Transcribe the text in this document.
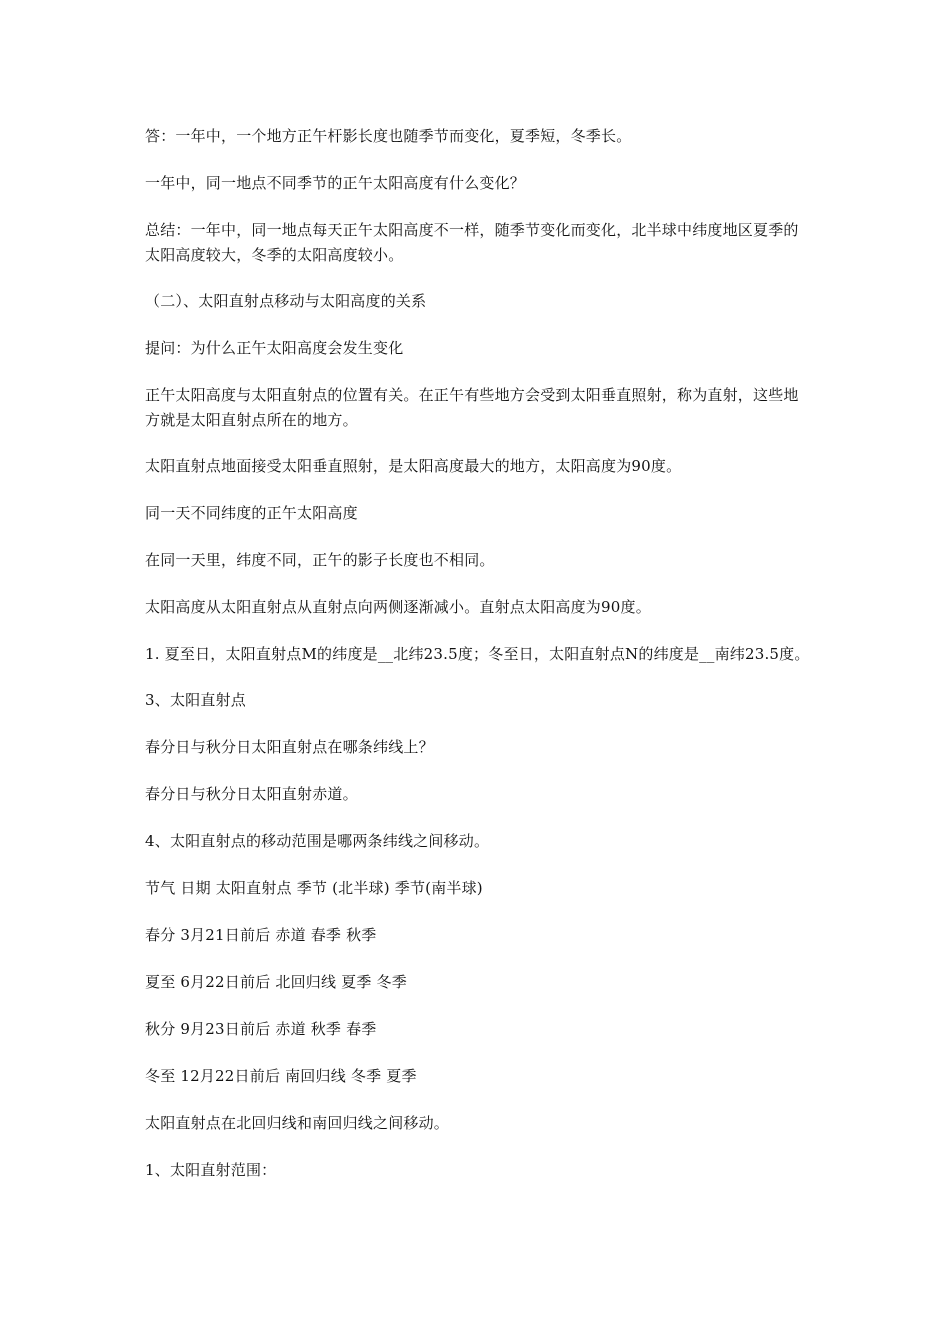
答：一年中，一个地方正午杆影长度也随季节而变化，夏季短，冬季长。

一年中，同一地点不同季节的正午太阳高度有什么变化？

总结：一年中，同一地点每天正午太阳高度不一样，随季节变化而变化，北半球中纬度地区夏季的太阳高度较大，冬季的太阳高度较小。

（二）、太阳直射点移动与太阳高度的关系

提问：为什么正午太阳高度会发生变化

正午太阳高度与太阳直射点的位置有关。在正午有些地方会受到太阳垂直照射，称为直射，这些地方就是太阳直射点所在的地方。

太阳直射点地面接受太阳垂直照射，是太阳高度最大的地方，太阳高度为90度。

同一天不同纬度的正午太阳高度

在同一天里，纬度不同，正午的影子长度也不相同。

太阳高度从太阳直射点从直射点向两侧逐渐减小。直射点太阳高度为90度。

1. 夏至日，太阳直射点M的纬度是__北纬23.5度；冬至日，太阳直射点N的纬度是__南纬23.5度。

3、太阳直射点

春分日与秋分日太阳直射点在哪条纬线上？

春分日与秋分日太阳直射赤道。

4、太阳直射点的移动范围是哪两条纬线之间移动。

节气 日期 太阳直射点 季节 (北半球) 季节(南半球)

春分 3月21日前后 赤道 春季 秋季

夏至 6月22日前后 北回归线 夏季 冬季

秋分 9月23日前后 赤道 秋季 春季

冬至 12月22日前后 南回归线 冬季 夏季

太阳直射点在北回归线和南回归线之间移动。

1、太阳直射范围：
